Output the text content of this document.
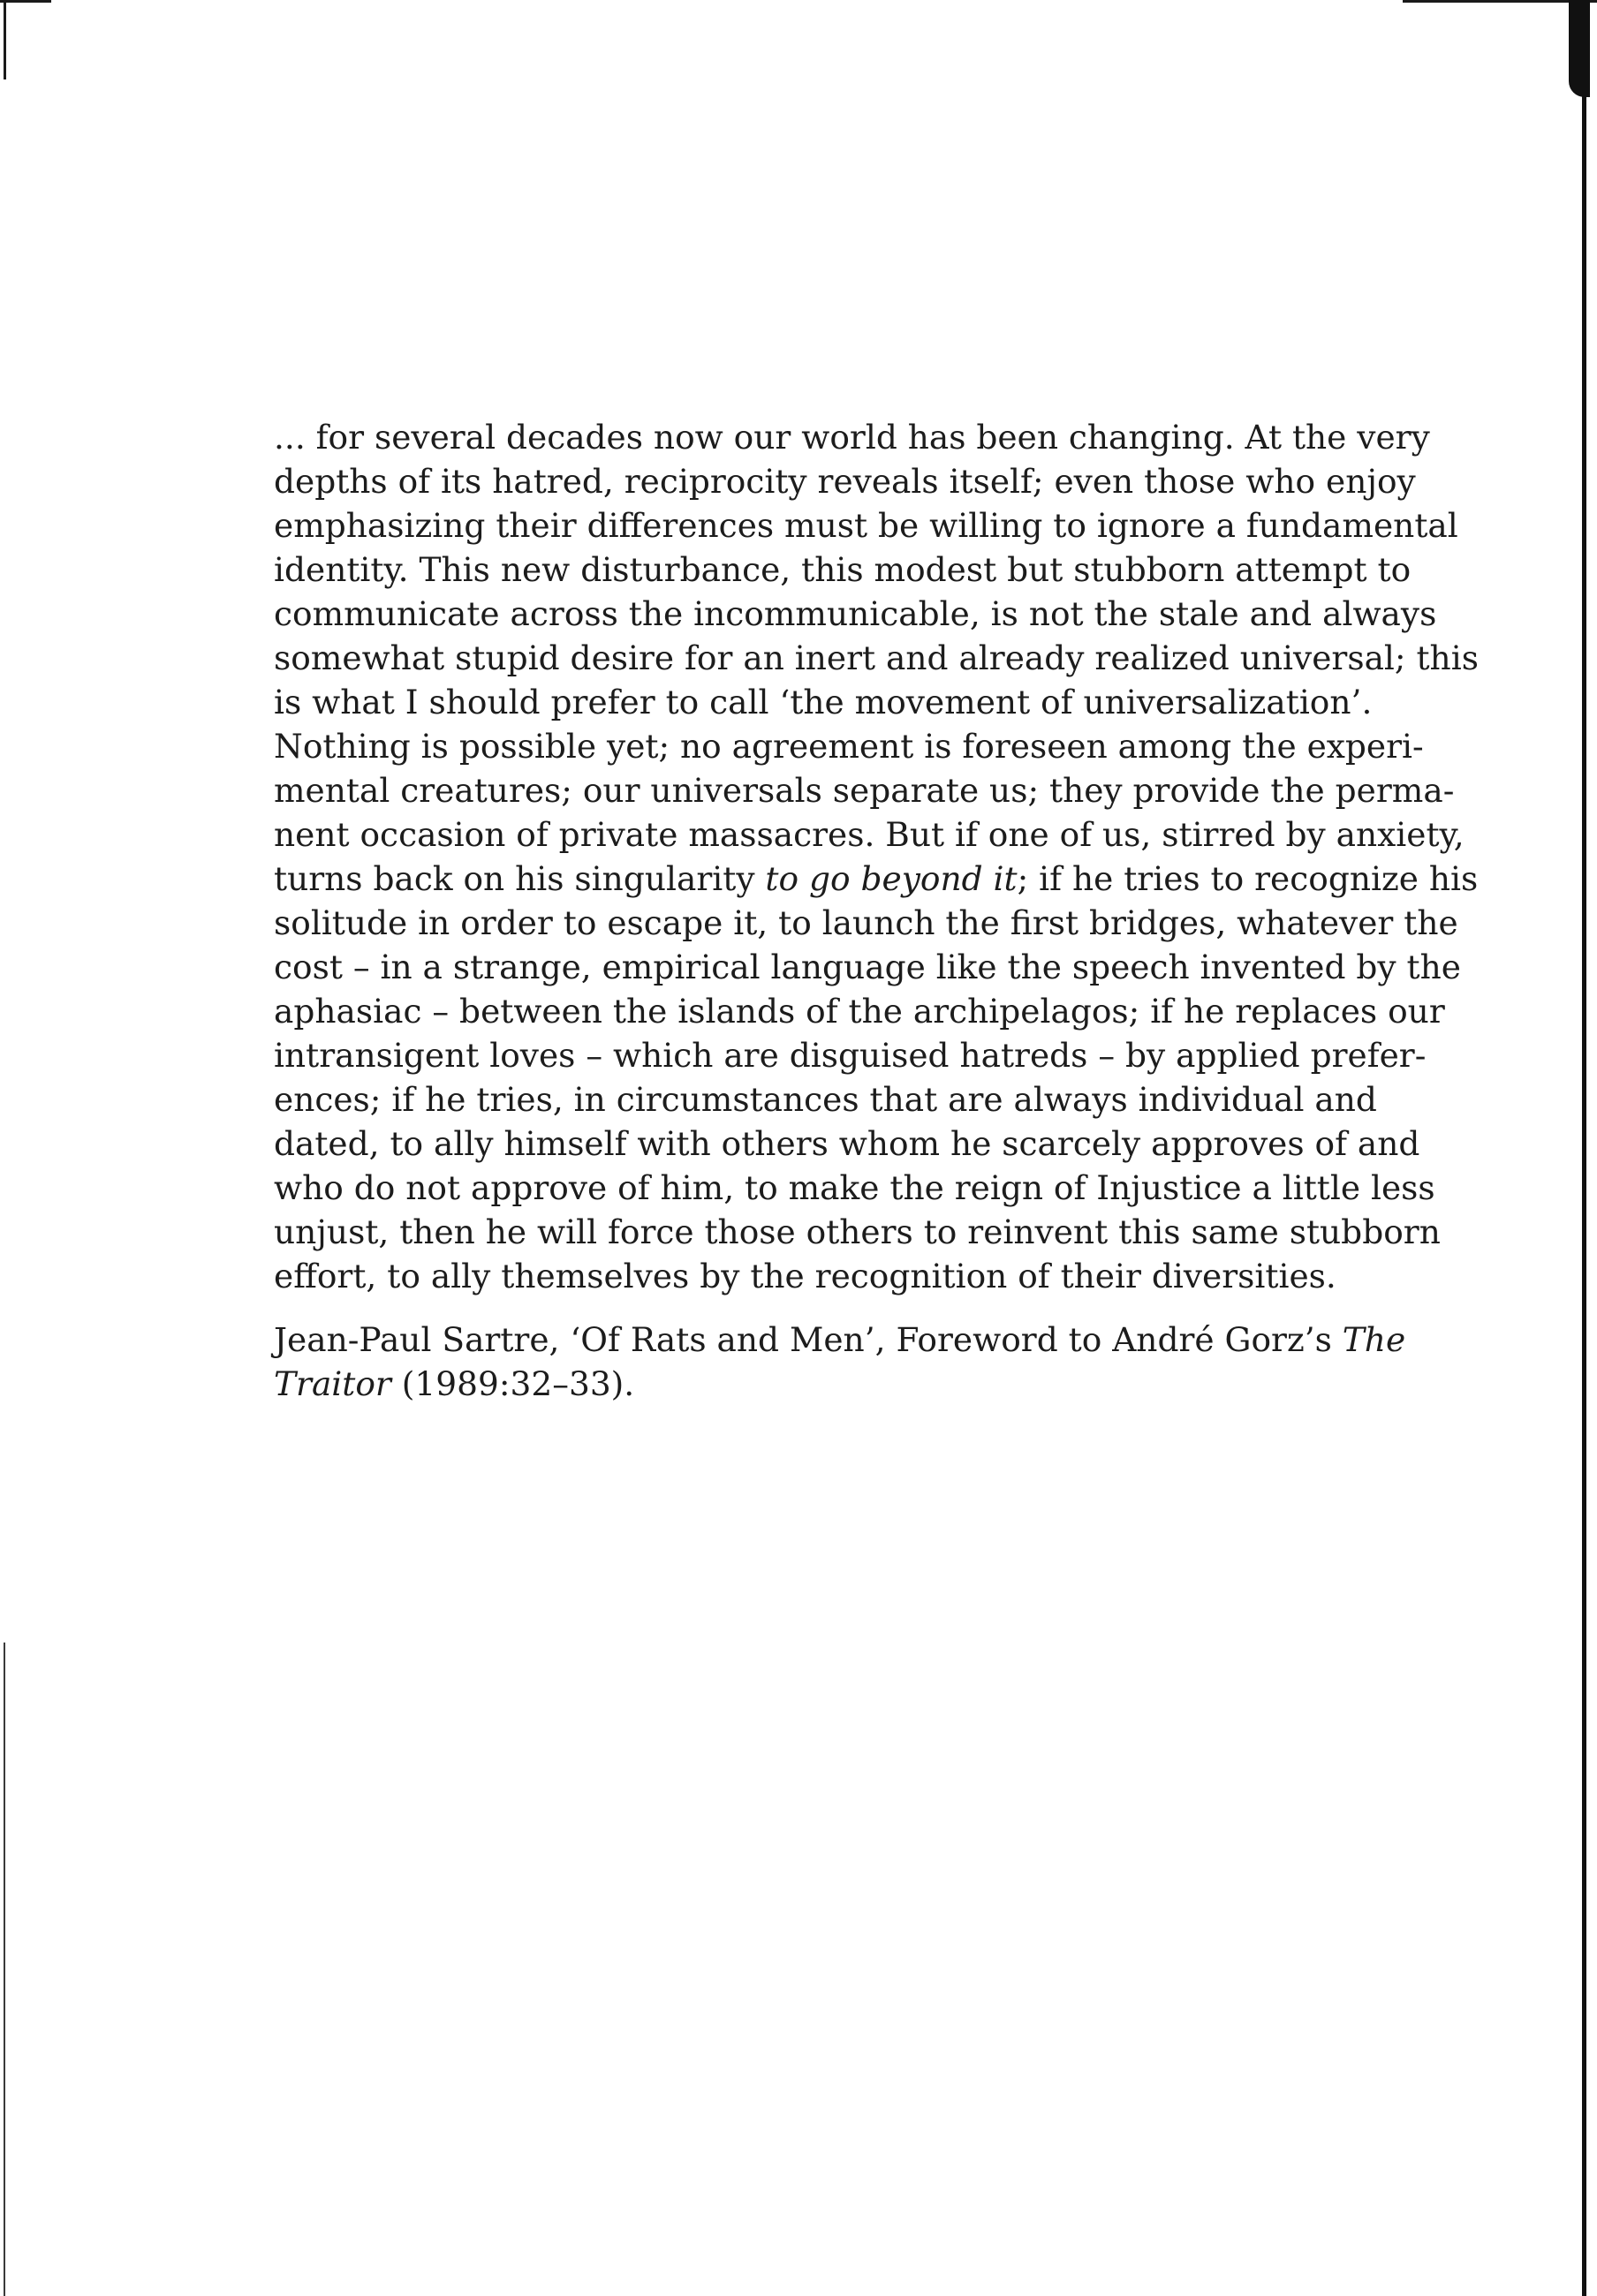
... for several decades now our world has been changing. At the very
depths of its hatred, reciprocity reveals itself; even those who enjoy
emphasizing their differences must be willing to ignore a fundamental
identity. This new disturbance, this modest but stubborn attempt to
communicate across the incommunicable, is not the stale and always
somewhat stupid desire for an inert and already realized universal; this
is what I should prefer to call ‘the movement of universalization’.
Nothing is possible yet; no agreement is foreseen among the experi-
mental creatures; our universals separate us; they provide the perma-
nent occasion of private massacres. But if one of us, stirred by anxiety,
turns back on his singularity to go beyond it; if he tries to recognize his
solitude in order to escape it, to launch the first bridges, whatever the
cost – in a strange, empirical language like the speech invented by the
aphasiac – between the islands of the archipelagos; if he replaces our
intransigent loves – which are disguised hatreds – by applied prefer-
ences; if he tries, in circumstances that are always individual and
dated, to ally himself with others whom he scarcely approves of and
who do not approve of him, to make the reign of Injustice a little less
unjust, then he will force those others to reinvent this same stubborn
effort, to ally themselves by the recognition of their diversities.
Jean-Paul Sartre, ‘Of Rats and Men’, Foreword to André Gorz’s The
Traitor (1989:32–33).
